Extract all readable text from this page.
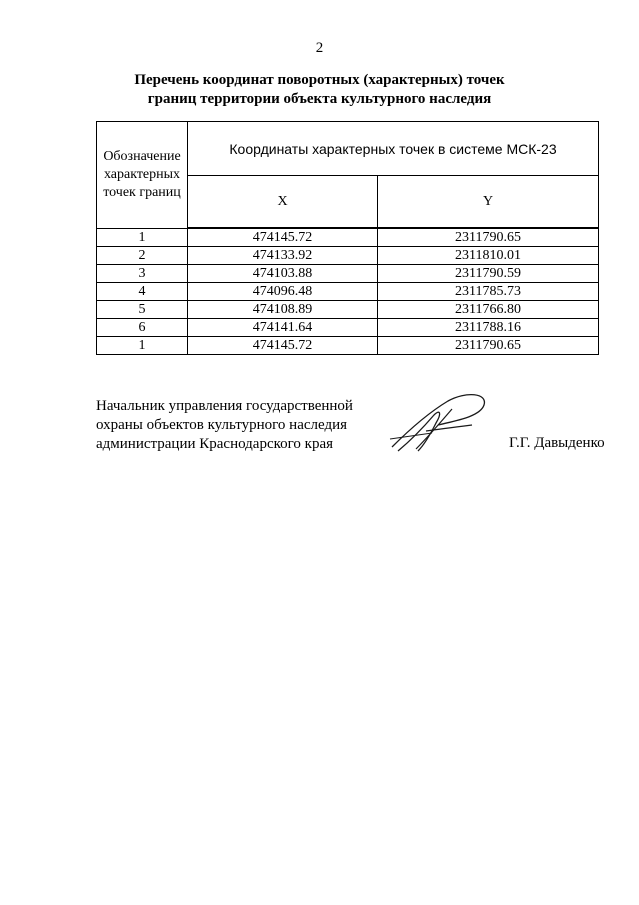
2
Перечень координат поворотных (характерных) точек
границ территории объекта культурного наследия
Обозначение
характерных
точек границ	Координаты характерных точек в системе МСК-23	
	X	Y
1	474145.72	2311790.65
2	474133.92	2311810.01
3	474103.88	2311790.59
4	474096.48	2311785.73
5	474108.89	2311766.80
6	474141.64	2311788.16
1	474145.72	2311790.65
Начальник управления государственной
охраны объектов культурного наследия
администрации Краснодарского края	Г.Г. Давыденко
